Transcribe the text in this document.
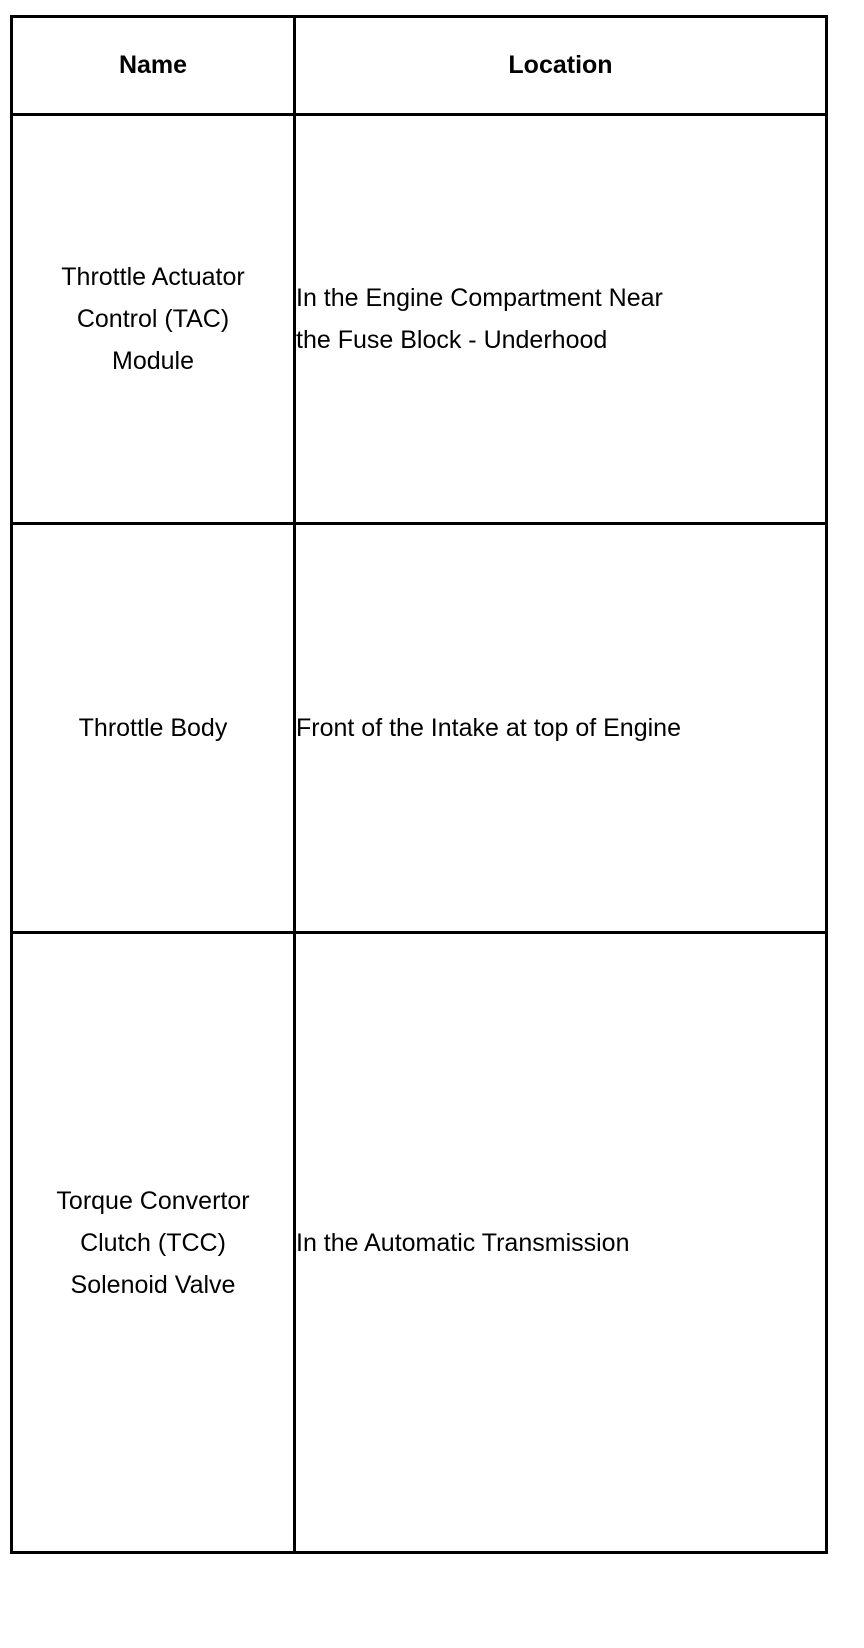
Name	Location

Throttle Actuator
Control (TAC)
Module	In the Engine Compartment Near
the Fuse Block - Underhood

Throttle Body	Front of the Intake at top of Engine

Torque Convertor
Clutch (TCC)
Solenoid Valve	In the Automatic Transmission
